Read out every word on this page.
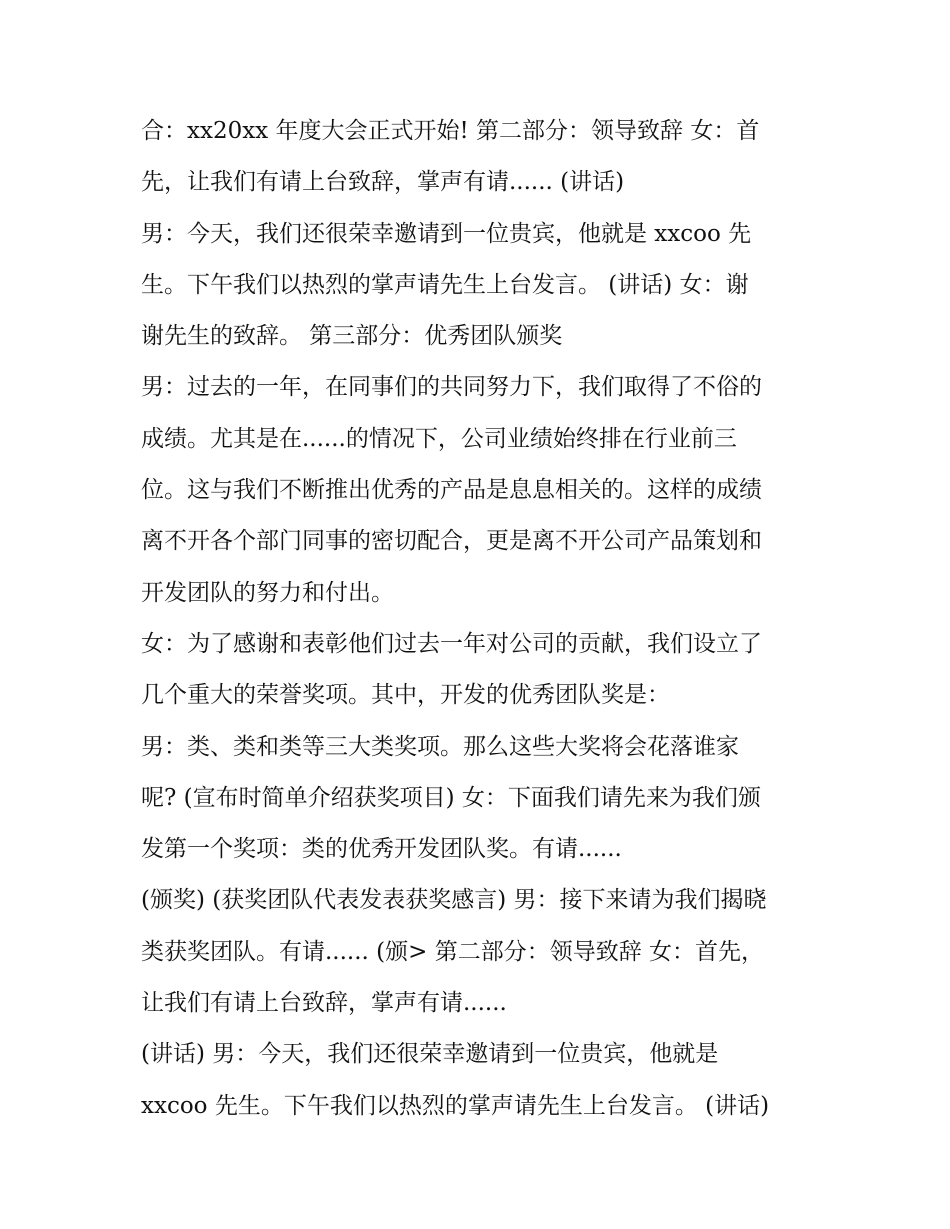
合：xx20xx 年度大会正式开始! 第二部分：领导致辞 女：首
先，让我们有请上台致辞，掌声有请...... (讲话)
男：今天，我们还很荣幸邀请到一位贵宾，他就是 xxcoo 先
生。下午我们以热烈的掌声请先生上台发言。 (讲话) 女：谢
谢先生的致辞。 第三部分：优秀团队颁奖
男：过去的一年，在同事们的共同努力下，我们取得了不俗的
成绩。尤其是在......的情况下，公司业绩始终排在行业前三
位。这与我们不断推出优秀的产品是息息相关的。这样的成绩
离不开各个部门同事的密切配合，更是离不开公司产品策划和
开发团队的努力和付出。
女：为了感谢和表彰他们过去一年对公司的贡献，我们设立了
几个重大的荣誉奖项。其中，开发的优秀团队奖是：
男：类、类和类等三大类奖项。那么这些大奖将会花落谁家
呢? (宣布时简单介绍获奖项目) 女：下面我们请先来为我们颁
发第一个奖项：类的优秀开发团队奖。有请......
(颁奖) (获奖团队代表发表获奖感言) 男：接下来请为我们揭晓
类获奖团队。有请...... (颁> 第二部分：领导致辞 女：首先，
让我们有请上台致辞，掌声有请......
(讲话) 男：今天，我们还很荣幸邀请到一位贵宾，他就是
xxcoo 先生。下午我们以热烈的掌声请先生上台发言。 (讲话)
